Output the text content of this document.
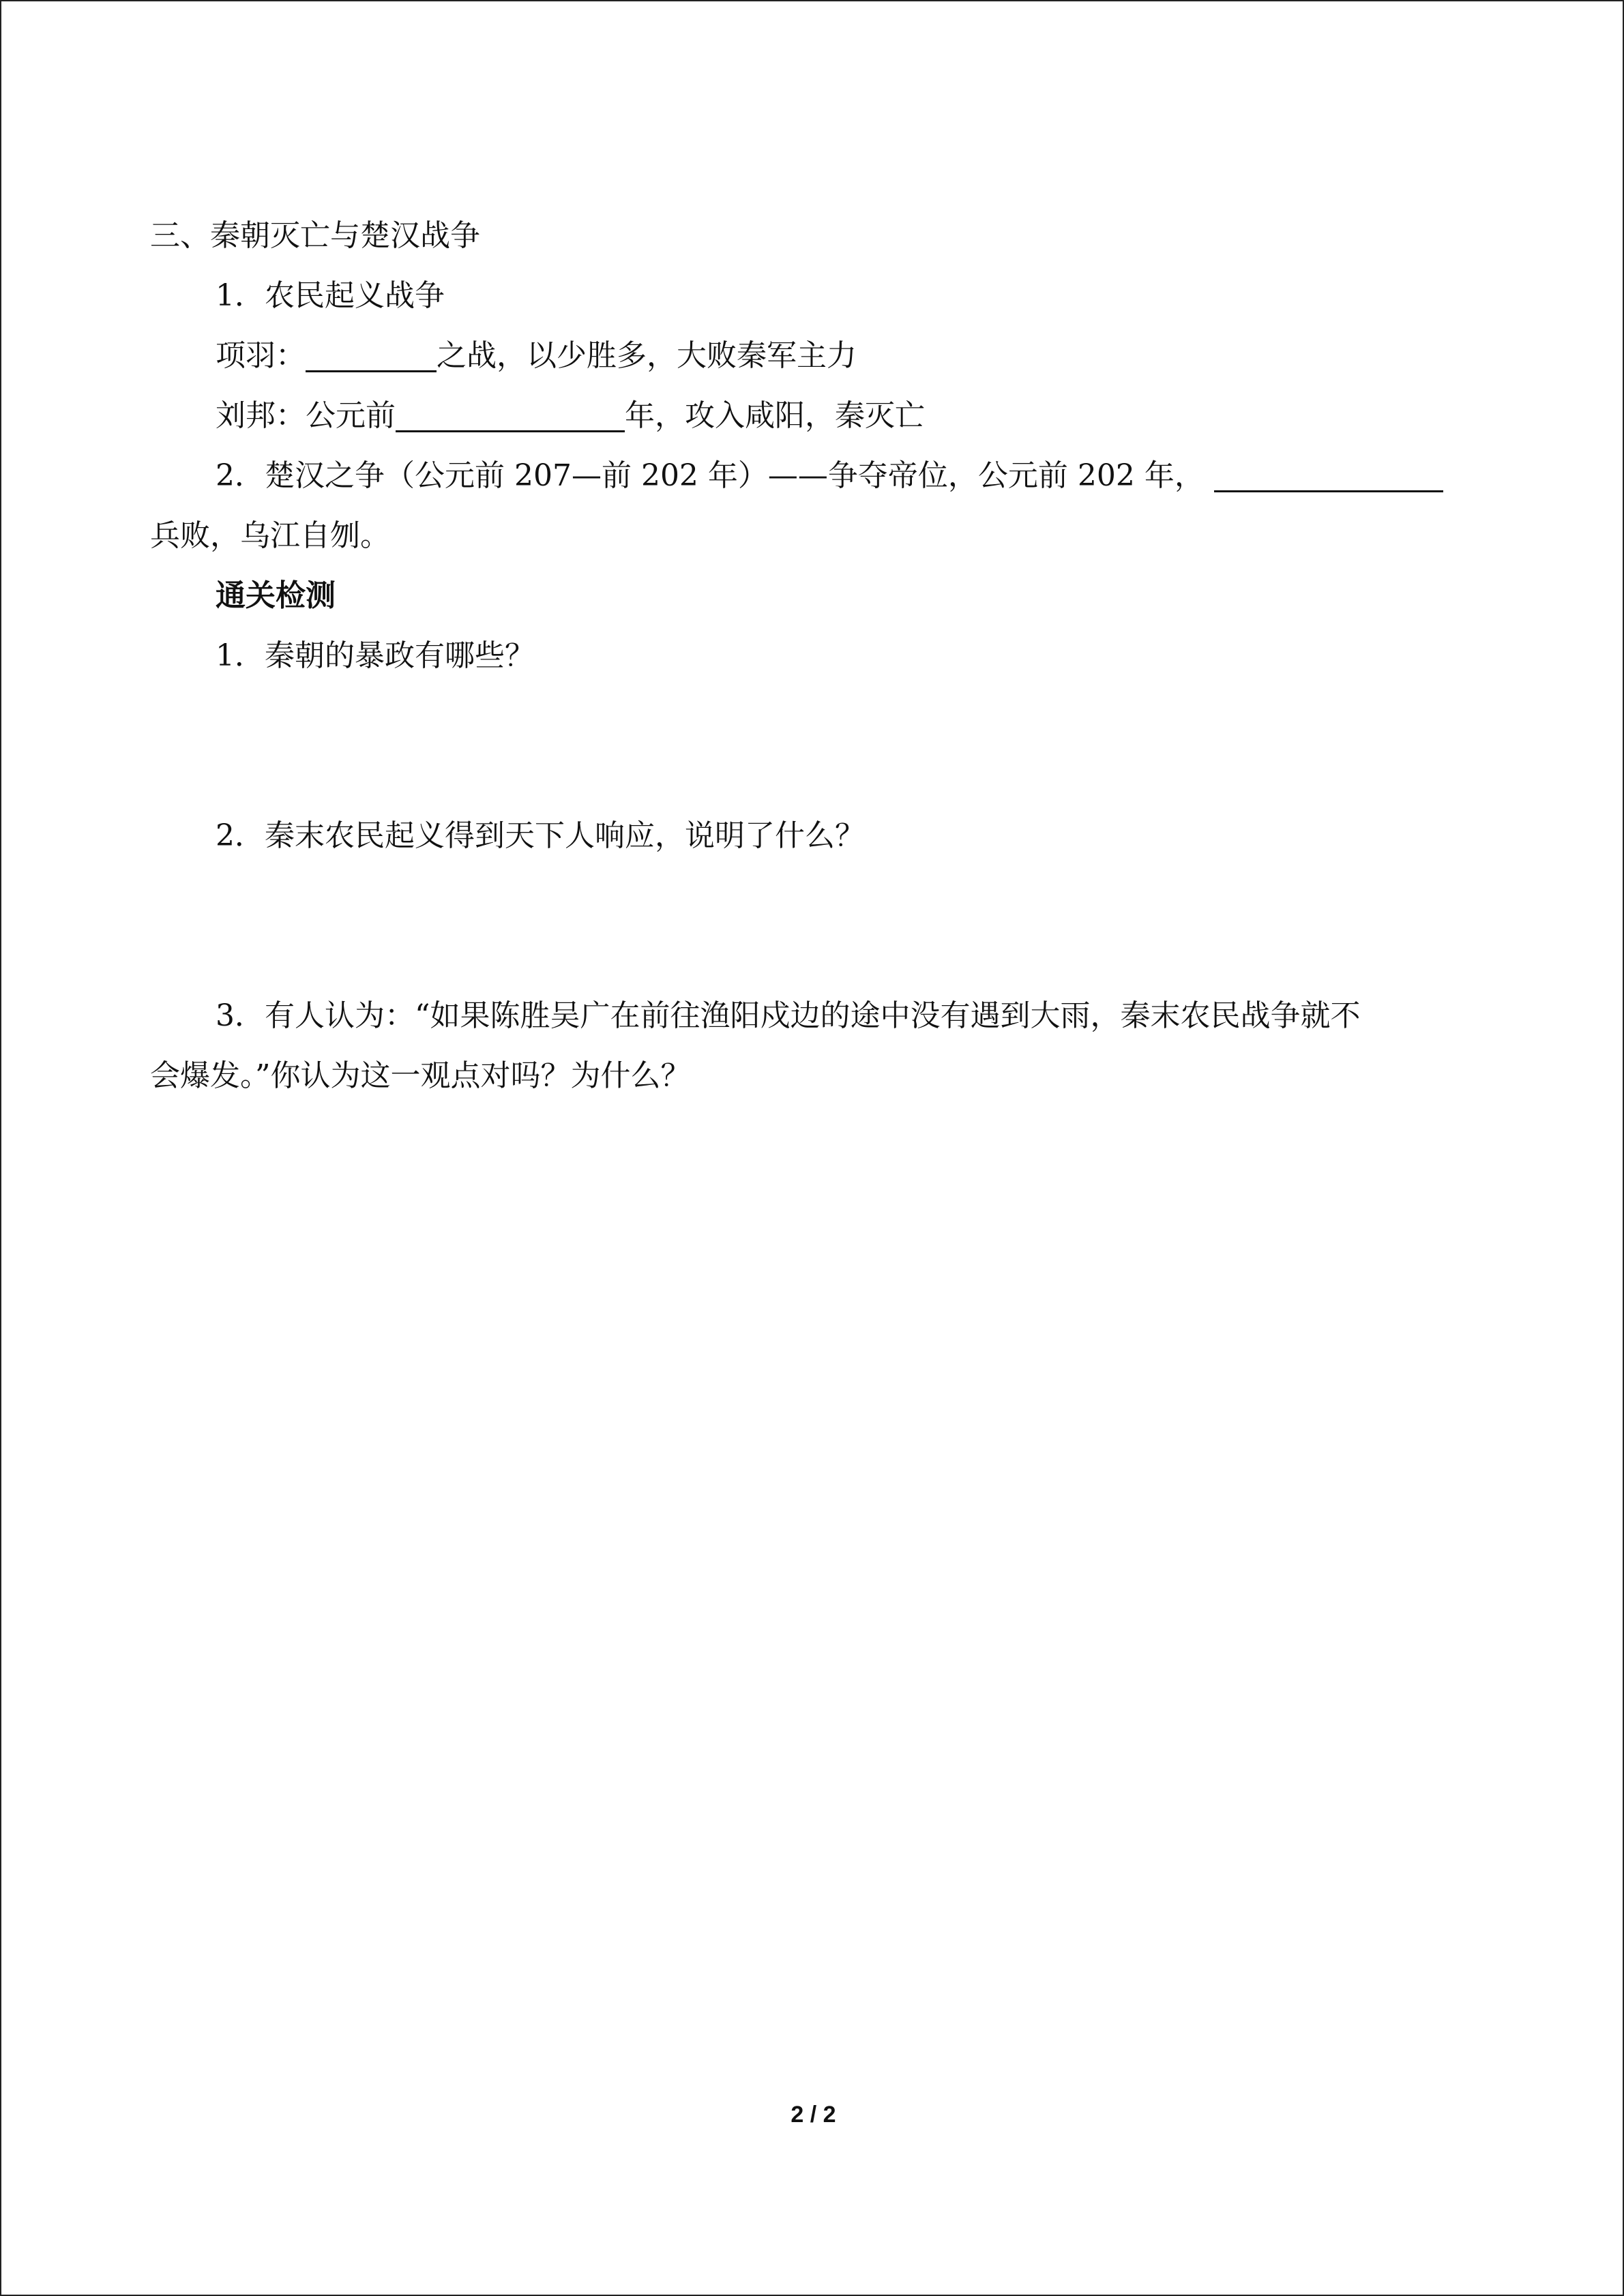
三、秦朝灭亡与楚汉战争
1．农民起义战争
项羽：	之战，以少胜多，大败秦军主力
刘邦：公元前	年，攻入咸阳，秦灭亡
2．楚汉之争（公元前 207—前 202 年）——争夺帝位，公元前 202 年，
兵败，乌江自刎。
通关检测
1．秦朝的暴政有哪些？
2．秦末农民起义得到天下人响应，说明了什么？
3．有人认为：“如果陈胜吴广在前往渔阳戍边的途中没有遇到大雨，秦末农民战争就不
会爆发。”你认为这一观点对吗？为什么？
2 / 2
